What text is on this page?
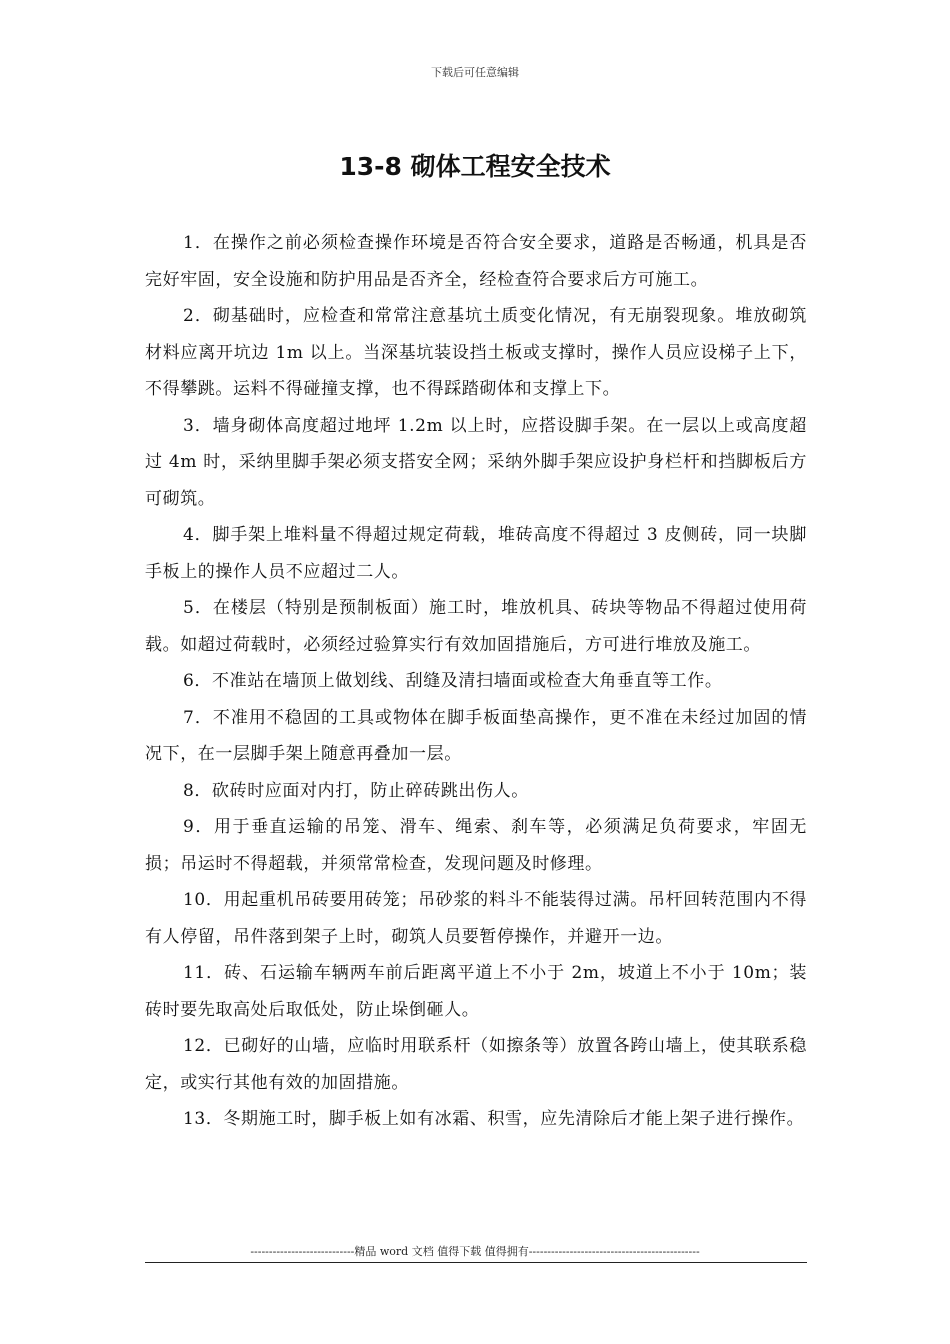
下载后可任意编辑
13-8 砌体工程安全技术

1．在操作之前必须检查操作环境是否符合安全要求，道路是否畅通，机具是否完好牢固，安全设施和防护用品是否齐全，经检查符合要求后方可施工。

2．砌基础时，应检查和常常注意基坑土质变化情况，有无崩裂现象。堆放砌筑材料应离开坑边 1m 以上。当深基坑装设挡土板或支撑时，操作人员应设梯子上下，不得攀跳。运料不得碰撞支撑，也不得踩踏砌体和支撑上下。

3．墙身砌体高度超过地坪 1.2m 以上时，应搭设脚手架。在一层以上或高度超过 4m 时，采纳里脚手架必须支搭安全网；采纳外脚手架应设护身栏杆和挡脚板后方可砌筑。

4．脚手架上堆料量不得超过规定荷载，堆砖高度不得超过 3 皮侧砖，同一块脚手板上的操作人员不应超过二人。

5．在楼层（特别是预制板面）施工时，堆放机具、砖块等物品不得超过使用荷载。如超过荷载时，必须经过验算实行有效加固措施后，方可进行堆放及施工。

6．不准站在墙顶上做划线、刮缝及清扫墙面或检查大角垂直等工作。

7．不准用不稳固的工具或物体在脚手板面垫高操作，更不准在未经过加固的情况下，在一层脚手架上随意再叠加一层。

8．砍砖时应面对内打，防止碎砖跳出伤人。

9．用于垂直运输的吊笼、滑车、绳索、刹车等，必须满足负荷要求，牢固无损；吊运时不得超载，并须常常检查，发现问题及时修理。

10．用起重机吊砖要用砖笼；吊砂浆的料斗不能装得过满。吊杆回转范围内不得有人停留，吊件落到架子上时，砌筑人员要暂停操作，并避开一边。

11．砖、石运输车辆两车前后距离平道上不小于 2m，坡道上不小于 10m；装砖时要先取高处后取低处，防止垛倒砸人。

12．已砌好的山墙，应临时用联系杆（如擦条等）放置各跨山墙上，使其联系稳定，或实行其他有效的加固措施。

13．冬期施工时，脚手板上如有冰霜、积雪，应先清除后才能上架子进行操作。

----------------------------精品 word 文档 值得下载 值得拥有----------------------------------------------
